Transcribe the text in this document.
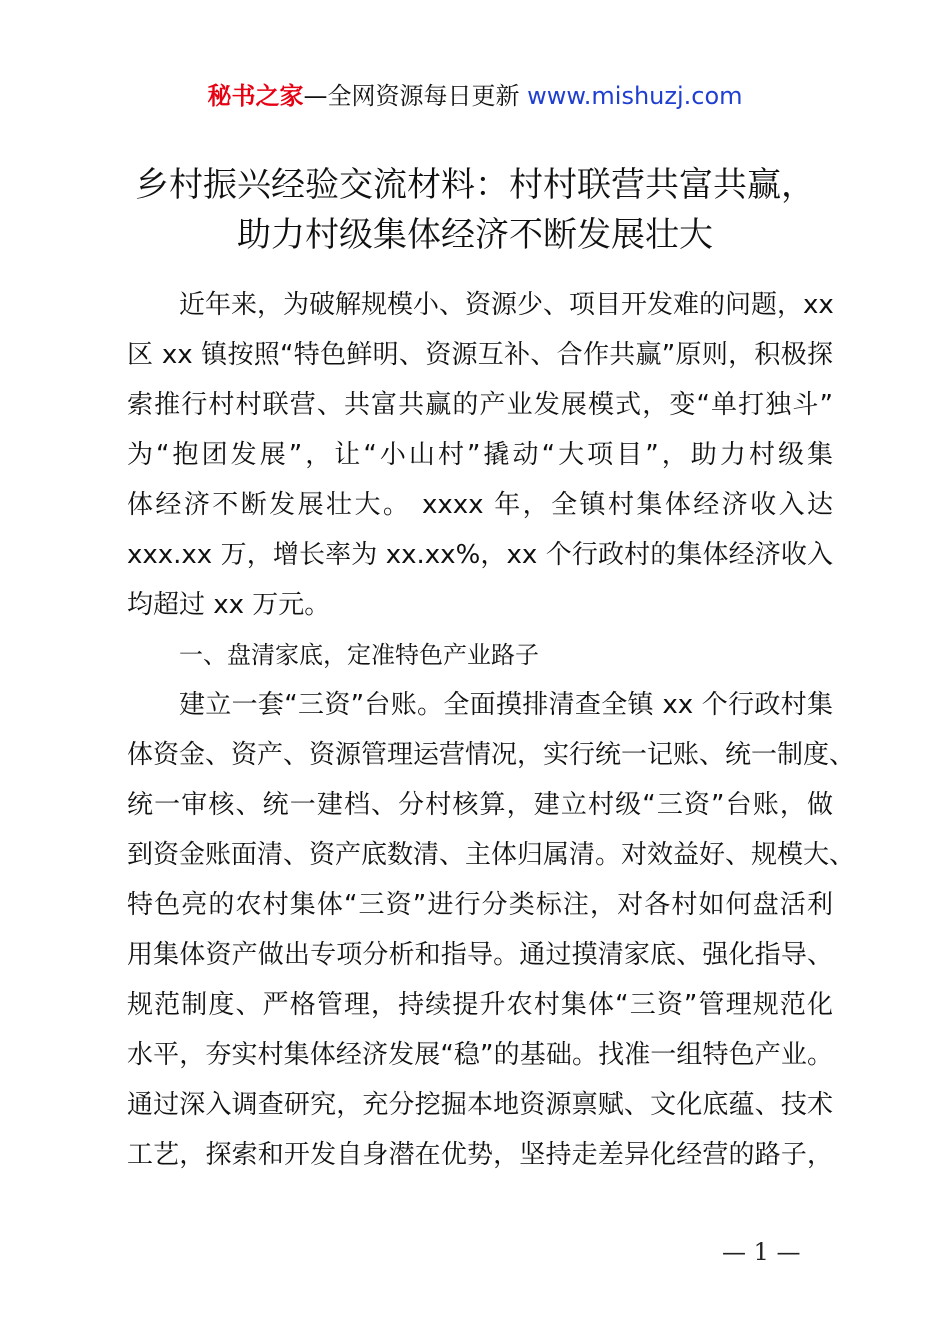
秘书之家—全网资源每日更新 www.mishuzj.com
乡村振兴经验交流材料：村村联营共富共赢，
助力村级集体经济不断发展壮大
近年来，为破解规模小、资源少、项目开发难的问题，xx
区 xx 镇按照“特色鲜明、资源互补、合作共赢”原则，积极探
索推行村村联营、共富共赢的产业发展模式，变“单打独斗”
为“抱团发展”，让“小山村”撬动“大项目”，助力村级集
体经济不断发展壮大。 xxxx 年，全镇村集体经济收入达
xxx.xx 万，增长率为 xx.xx%，xx 个行政村的集体经济收入
均超过 xx 万元。
一、盘清家底，定准特色产业路子
建立一套“三资”台账。全面摸排清查全镇 xx 个行政村集
体资金、资产、资源管理运营情况，实行统一记账、统一制度、
统一审核、统一建档、分村核算，建立村级“三资”台账，做
到资金账面清、资产底数清、主体归属清。对效益好、规模大、
特色亮的农村集体“三资”进行分类标注，对各村如何盘活利
用集体资产做出专项分析和指导。通过摸清家底、强化指导、
规范制度、严格管理，持续提升农村集体“三资”管理规范化
水平，夯实村集体经济发展“稳”的基础。找准一组特色产业。
通过深入调查研究，充分挖掘本地资源禀赋、文化底蕴、技术
工艺，探索和开发自身潜在优势，坚持走差异化经营的路子，
— 1 —
